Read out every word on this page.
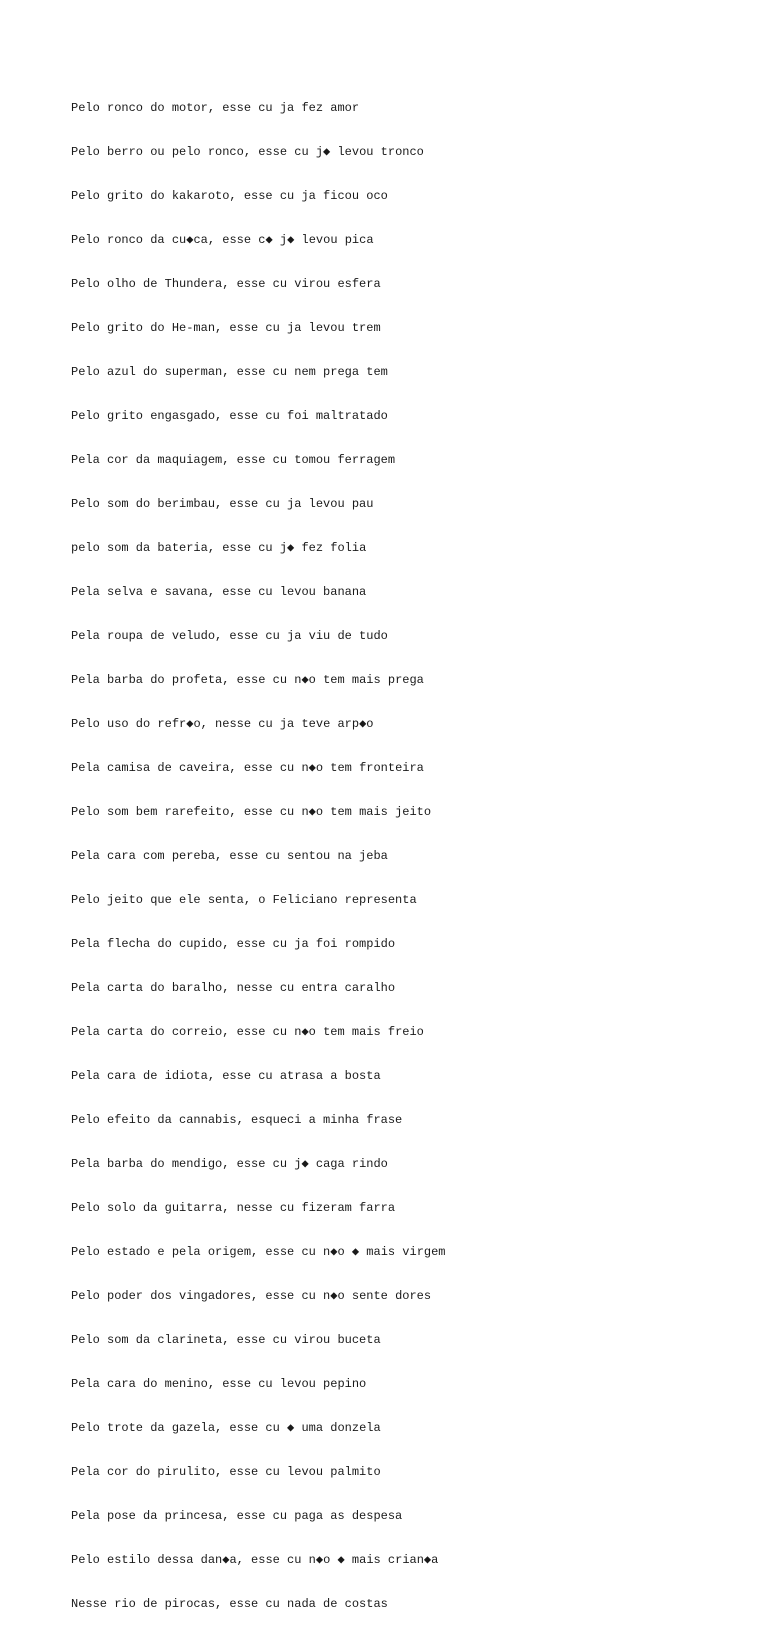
Pelo ronco do motor, esse cu ja fez amor

Pelo berro ou pelo ronco, esse cu j◆ levou tronco

Pelo grito do kakaroto, esse cu ja ficou oco

Pelo ronco da cu◆ca, esse c◆ j◆ levou pica

Pelo olho de Thundera, esse cu virou esfera

Pelo grito do He-man, esse cu ja levou trem

Pelo azul do superman, esse cu nem prega tem

Pelo grito engasgado, esse cu foi maltratado

Pela cor da maquiagem, esse cu tomou ferragem

Pelo som do berimbau, esse cu ja levou pau

pelo som da bateria, esse cu j◆ fez folia

Pela selva e savana, esse cu levou banana

Pela roupa de veludo, esse cu ja viu de tudo

Pela barba do profeta, esse cu n◆o tem mais prega

Pelo uso do refr◆o, nesse cu ja teve arp◆o

Pela camisa de caveira, esse cu n◆o tem fronteira

Pelo som bem rarefeito, esse cu n◆o tem mais jeito

Pela cara com pereba, esse cu sentou na jeba

Pelo jeito que ele senta, o Feliciano representa

Pela flecha do cupido, esse cu ja foi rompido

Pela carta do baralho, nesse cu entra caralho

Pela carta do correio, esse cu n◆o tem mais freio

Pela cara de idiota, esse cu atrasa a bosta

Pelo efeito da cannabis, esqueci a minha frase

Pela barba do mendigo, esse cu j◆ caga rindo

Pelo solo da guitarra, nesse cu fizeram farra

Pelo estado e pela origem, esse cu n◆o ◆ mais virgem

Pelo poder dos vingadores, esse cu n◆o sente dores

Pelo som da clarineta, esse cu virou buceta

Pela cara do menino, esse cu levou pepino

Pelo trote da gazela, esse cu ◆ uma donzela

Pela cor do pirulito, esse cu levou palmito

Pela pose da princesa, esse cu paga as despesa

Pelo estilo dessa dan◆a, esse cu n◆o ◆ mais crian◆a

Nesse rio de pirocas, esse cu nada de costas
